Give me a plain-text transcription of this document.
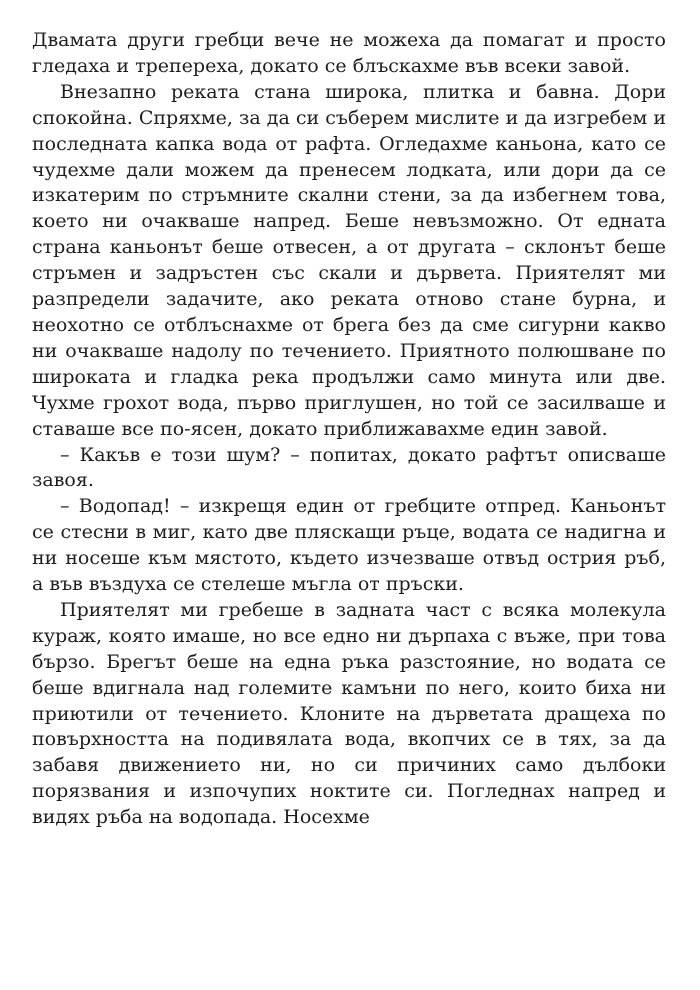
Двамата други гребци вече не можеха да помагат и просто гледаха и трепереха, докато се блъскахме във всеки завой.

Внезапно реката стана широка, плитка и бавна. Дори спокойна. Спряхме, за да си съберем мислите и да изгребем и последната капка вода от рафта. Огледахме каньона, като се чудехме дали можем да пренесем лодката, или дори да се изкатерим по стръмните скални стени, за да избегнем това, което ни очакваше напред. Беше невъзможно. От едната страна каньонът беше отвесен, а от другата – склонът беше стръмен и задръстен със скали и дървета. Приятелят ми разпредели задачите, ако реката отново стане бурна, и неохотно се отблъснахме от брега без да сме сигурни какво ни очакваше надолу по течението. Приятното полюшване по широката и гладка река продължи само минута или две. Чухме грохот вода, първо приглушен, но той се засилваше и ставаше все по-ясен, докато приближавахме един завой.

– Какъв е този шум? – попитах, докато рафтът описваше завоя.

– Водопад! – изкрещя един от гребците отпред. Каньонът се стесни в миг, като две пляскащи ръце, водата се надигна и ни носеше към мястото, където изчезваше отвъд острия ръб, а във въздуха се стелеше мъгла от пръски.

Приятелят ми гребеше в задната част с всяка молекула кураж, която имаше, но все едно ни дърпаха с въже, при това бързо. Брегът беше на една ръка разстояние, но водата се беше вдигнала над големите камъни по него, които биха ни приютили от течението. Клоните на дърветата дращеха по повърхността на подивялата вода, вкопчих се в тях, за да забавя движението ни, но си причиних само дълбоки порязвания и изпочупих ноктите си. Погледнах напред и видях ръба на водопада. Носехме
